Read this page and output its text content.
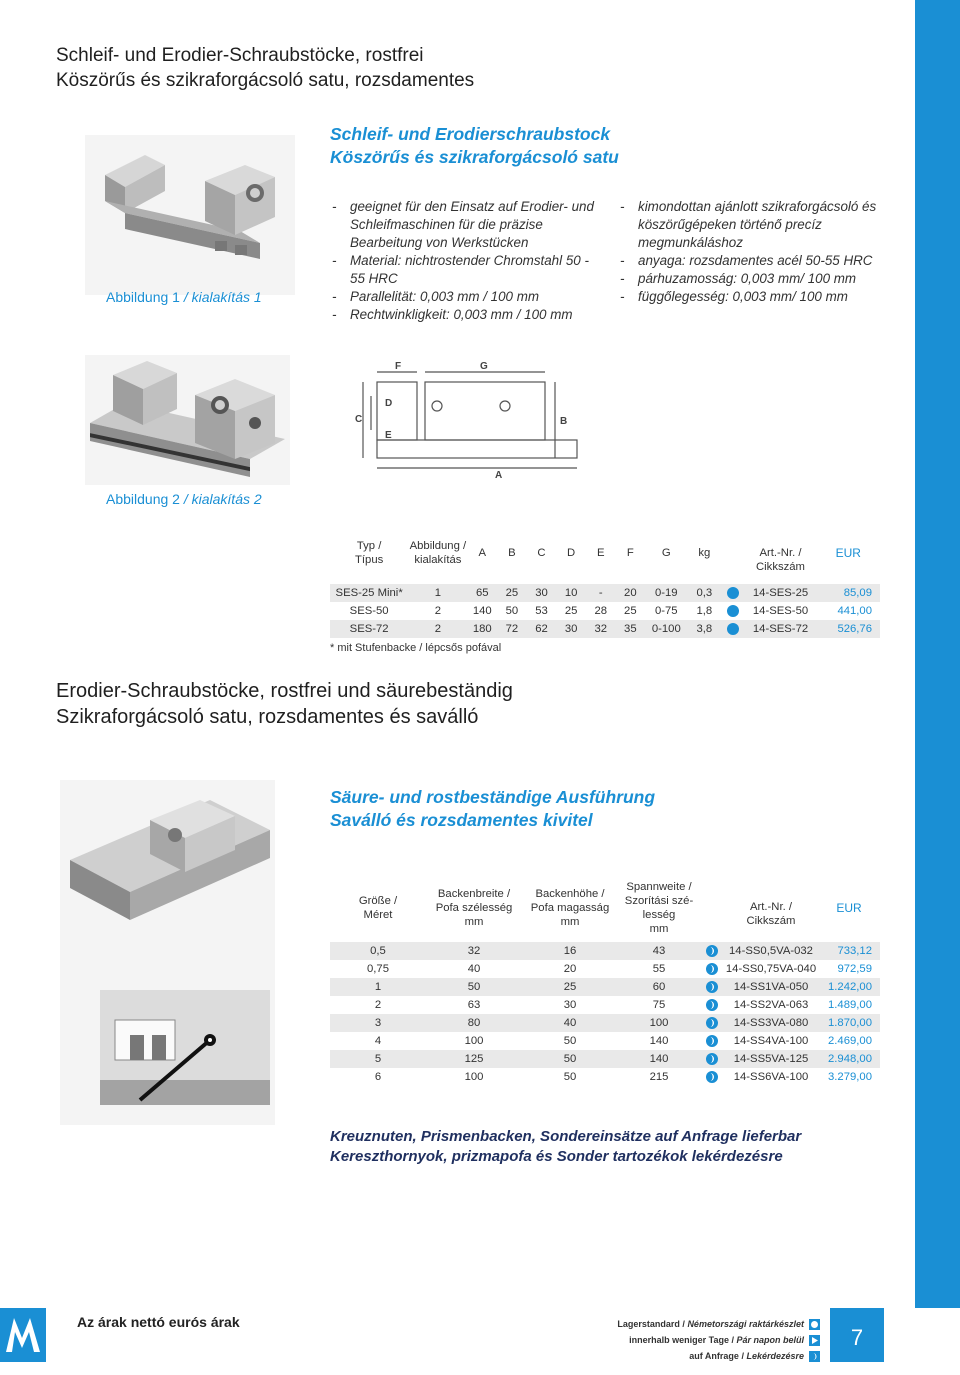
Schleif- und Erodier-Schraubstöcke, rostfrei
Köszörűs és szikraforgácsoló satu, rozsdamentes
Schleif- und Erodierschraubstock
Köszörűs és szikraforgácsoló satu
Abbildung 1 / kialakítás 1
- geeignet für den Einsatz auf Erodier- und Schleifmaschinen für die präzise Bearbeitung von Werkstücken
- Material: nichtrostender Chromstahl 50 - 55 HRC
- Parallelität: 0,003 mm / 100 mm
- Rechtwinkligkeit: 0,003 mm / 100 mm
- kimondottan ajánlott szikraforgácsoló és köszörűgépeken történő precíz megmunkáláshoz
- anyaga: rozsdamentes acél 50-55 HRC
- párhuzamosság: 0,003 mm/ 100 mm
- függőlegesség: 0,003 mm/ 100 mm
F	G
D
C
E
B
A
Abbildung 2 / kialakítás 2
Typ /
Típus	Abbildung /
kialakítás	A	B	C	D	E	F	G	kg		Art.-Nr. /
Cikkszám	EUR

SES-25 Mini*	1	65	25	30	10	-	20	0-19	0,3		14-SES-25	85,09
SES-50	2	140	50	53	25	28	25	0-75	1,8		14-SES-50	441,00
SES-72	2	180	72	62	30	32	35	0-100	3,8		14-SES-72	526,76
* mit Stufenbacke / lépcsős pofával
Erodier-Schraubstöcke, rostfrei und säurebeständig
Szikraforgácsoló satu, rozsdamentes és saválló
Säure- und rostbeständige Ausführung
Saválló és rozsdamentes kivitel
Größe /
Méret	Backenbreite /
Pofa szélesség
mm	Backenhöhe /
Pofa magasság
mm	Spannweite /
Szorítási szé-
lesség
mm		Art.-Nr. /
Cikkszám	EUR

0,5	32	16	43		14-SS0,5VA-032	733,12
0,75	40	20	55		14-SS0,75VA-040	972,59
1	50	25	60		14-SS1VA-050	1.242,00
2	63	30	75		14-SS2VA-063	1.489,00
3	80	40	100		14-SS3VA-080	1.870,00
4	100	50	140		14-SS4VA-100	2.469,00
5	125	50	140		14-SS5VA-125	2.948,00
6	100	50	215		14-SS6VA-100	3.279,00
Kreuznuten, Prismenbacken, Sondereinsätze auf Anfrage lieferbar
Kereszthornyok, prizmapofa és Sonder tartozékok lekérdezésre
Az árak nettó eurós árak	Lagerstandard / Németországi raktárkészlet
innerhalb weniger Tage / Pár napon belül
auf Anfrage / Lekérdezésre
7
